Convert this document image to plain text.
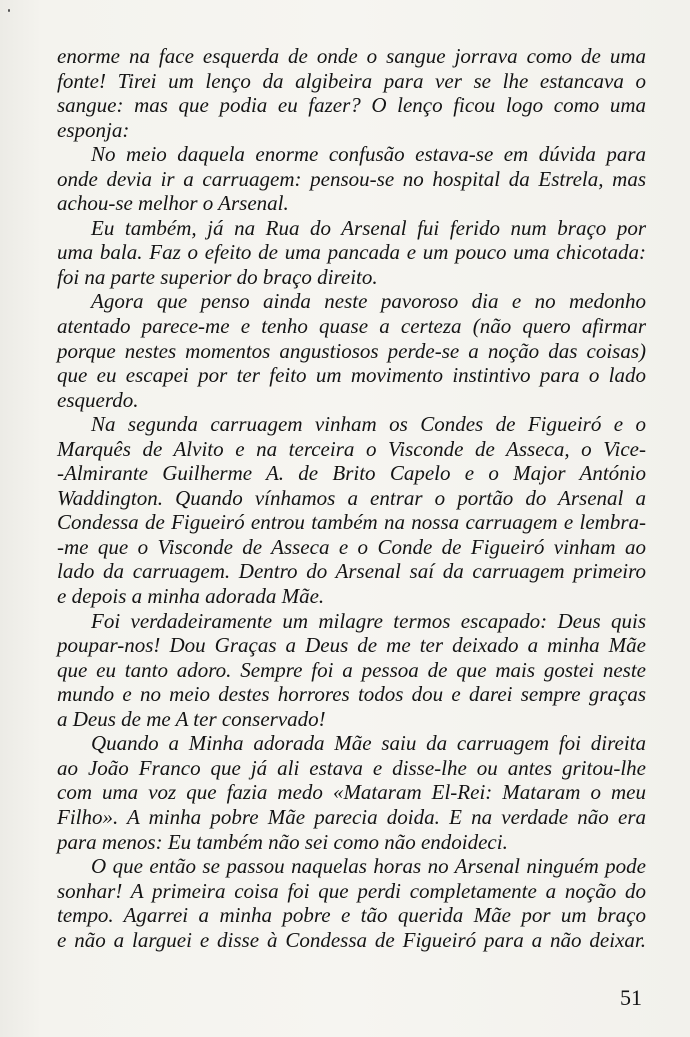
enorme na face esquerda de onde o sangue jorrava como de uma
fonte! Tirei um lenço da algibeira para ver se lhe estancava o
sangue: mas que podia eu fazer? O lenço ficou logo como uma
esponja:
No meio daquela enorme confusão estava-se em dúvida para
onde devia ir a carruagem: pensou-se no hospital da Estrela, mas
achou-se melhor o Arsenal.
Eu também, já na Rua do Arsenal fui ferido num braço por
uma bala. Faz o efeito de uma pancada e um pouco uma chicotada:
foi na parte superior do braço direito.
Agora que penso ainda neste pavoroso dia e no medonho
atentado parece-me e tenho quase a certeza (não quero afirmar
porque nestes momentos angustiosos perde-se a noção das coisas)
que eu escapei por ter feito um movimento instintivo para o lado
esquerdo.
Na segunda carruagem vinham os Condes de Figueiró e o
Marquês de Alvito e na terceira o Visconde de Asseca, o Vice-
-Almirante Guilherme A. de Brito Capelo e o Major António
Waddington. Quando vínhamos a entrar o portão do Arsenal a
Condessa de Figueiró entrou também na nossa carruagem e lembra-
-me que o Visconde de Asseca e o Conde de Figueiró vinham ao
lado da carruagem. Dentro do Arsenal saí da carruagem primeiro
e depois a minha adorada Mãe.
Foi verdadeiramente um milagre termos escapado: Deus quis
poupar-nos! Dou Graças a Deus de me ter deixado a minha Mãe
que eu tanto adoro. Sempre foi a pessoa de que mais gostei neste
mundo e no meio destes horrores todos dou e darei sempre graças
a Deus de me A ter conservado!
Quando a Minha adorada Mãe saiu da carruagem foi direita
ao João Franco que já ali estava e disse-lhe ou antes gritou-lhe
com uma voz que fazia medo «Mataram El-Rei: Mataram o meu
Filho». A minha pobre Mãe parecia doida. E na verdade não era
para menos: Eu também não sei como não endoideci.
O que então se passou naquelas horas no Arsenal ninguém pode
sonhar! A primeira coisa foi que perdi completamente a noção do
tempo. Agarrei a minha pobre e tão querida Mãe por um braço
e não a larguei e disse à Condessa de Figueiró para a não deixar.
51
